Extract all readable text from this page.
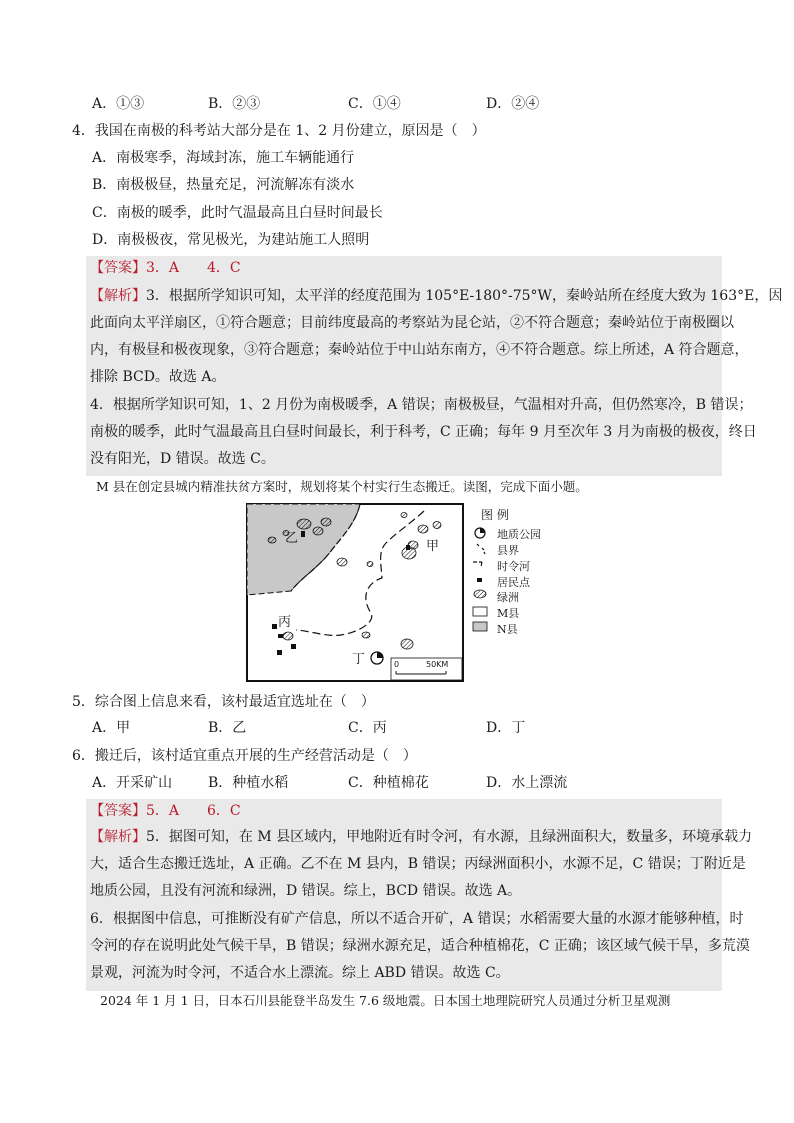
A．①③	B．②③	C．①④	D．②④
4．我国在南极的科考站大部分是在 1、2 月份建立，原因是（　）
A．南极寒季，海域封冻，施工车辆能通行
B．南极极昼，热量充足，河流解冻有淡水
C．南极的暖季，此时气温最高且白昼时间最长
D．南极极夜，常见极光，为建站施工人照明
【答案】3．A　　4．C
【解析】3．根据所学知识可知，太平洋的经度范围为 105°E-180°-75°W，秦岭站所在经度大致为 163°E，因
此面向太平洋扇区，①符合题意；目前纬度最高的考察站为昆仑站，②不符合题意；秦岭站位于南极圈以
内，有极昼和极夜现象，③符合题意；秦岭站位于中山站东南方，④不符合题意。综上所述，A 符合题意，
排除 BCD。故选 A。
4．根据所学知识可知，1、2 月份为南极暖季，A 错误；南极极昼，气温相对升高，但仍然寒冷，B 错误；
南极的暖季，此时气温最高且白昼时间最长，利于科考，C 正确；每年 9 月至次年 3 月为南极的极夜，终日
没有阳光，D 错误。故选 C。
M 县在创定县城内精准扶贫方案时，规划将某个村实行生态搬迁。读图，完成下面小题。
乙
甲
丙
丁	0	50KM
图 例
地质公园
县界
时令河
居民点
绿洲
M县
N县
5．综合图上信息来看，该村最适宜选址在（　）
A．甲	B．乙	C．丙	D．丁
6．搬迁后，该村适宜重点开展的生产经营活动是（　）
A．开采矿山	B．种植水稻	C．种植棉花	D．水上漂流
【答案】5．A　　6．C
【解析】5．据图可知，在 M 县区域内，甲地附近有时令河，有水源，且绿洲面积大，数量多，环境承载力
大，适合生态搬迁选址，A 正确。乙不在 M 县内，B 错误；丙绿洲面积小，水源不足，C 错误；丁附近是
地质公园，且没有河流和绿洲，D 错误。综上，BCD 错误。故选 A。
6．根据图中信息，可推断没有矿产信息，所以不适合开矿，A 错误；水稻需要大量的水源才能够种植，时
令河的存在说明此处气候干旱，B 错误；绿洲水源充足，适合种植棉花，C 正确；该区域气候干旱，多荒漠
景观，河流为时令河，不适合水上漂流。综上 ABD 错误。故选 C。
2024 年 1 月 1 日，日本石川县能登半岛发生 7.6 级地震。日本国土地理院研究人员通过分析卫星观测
